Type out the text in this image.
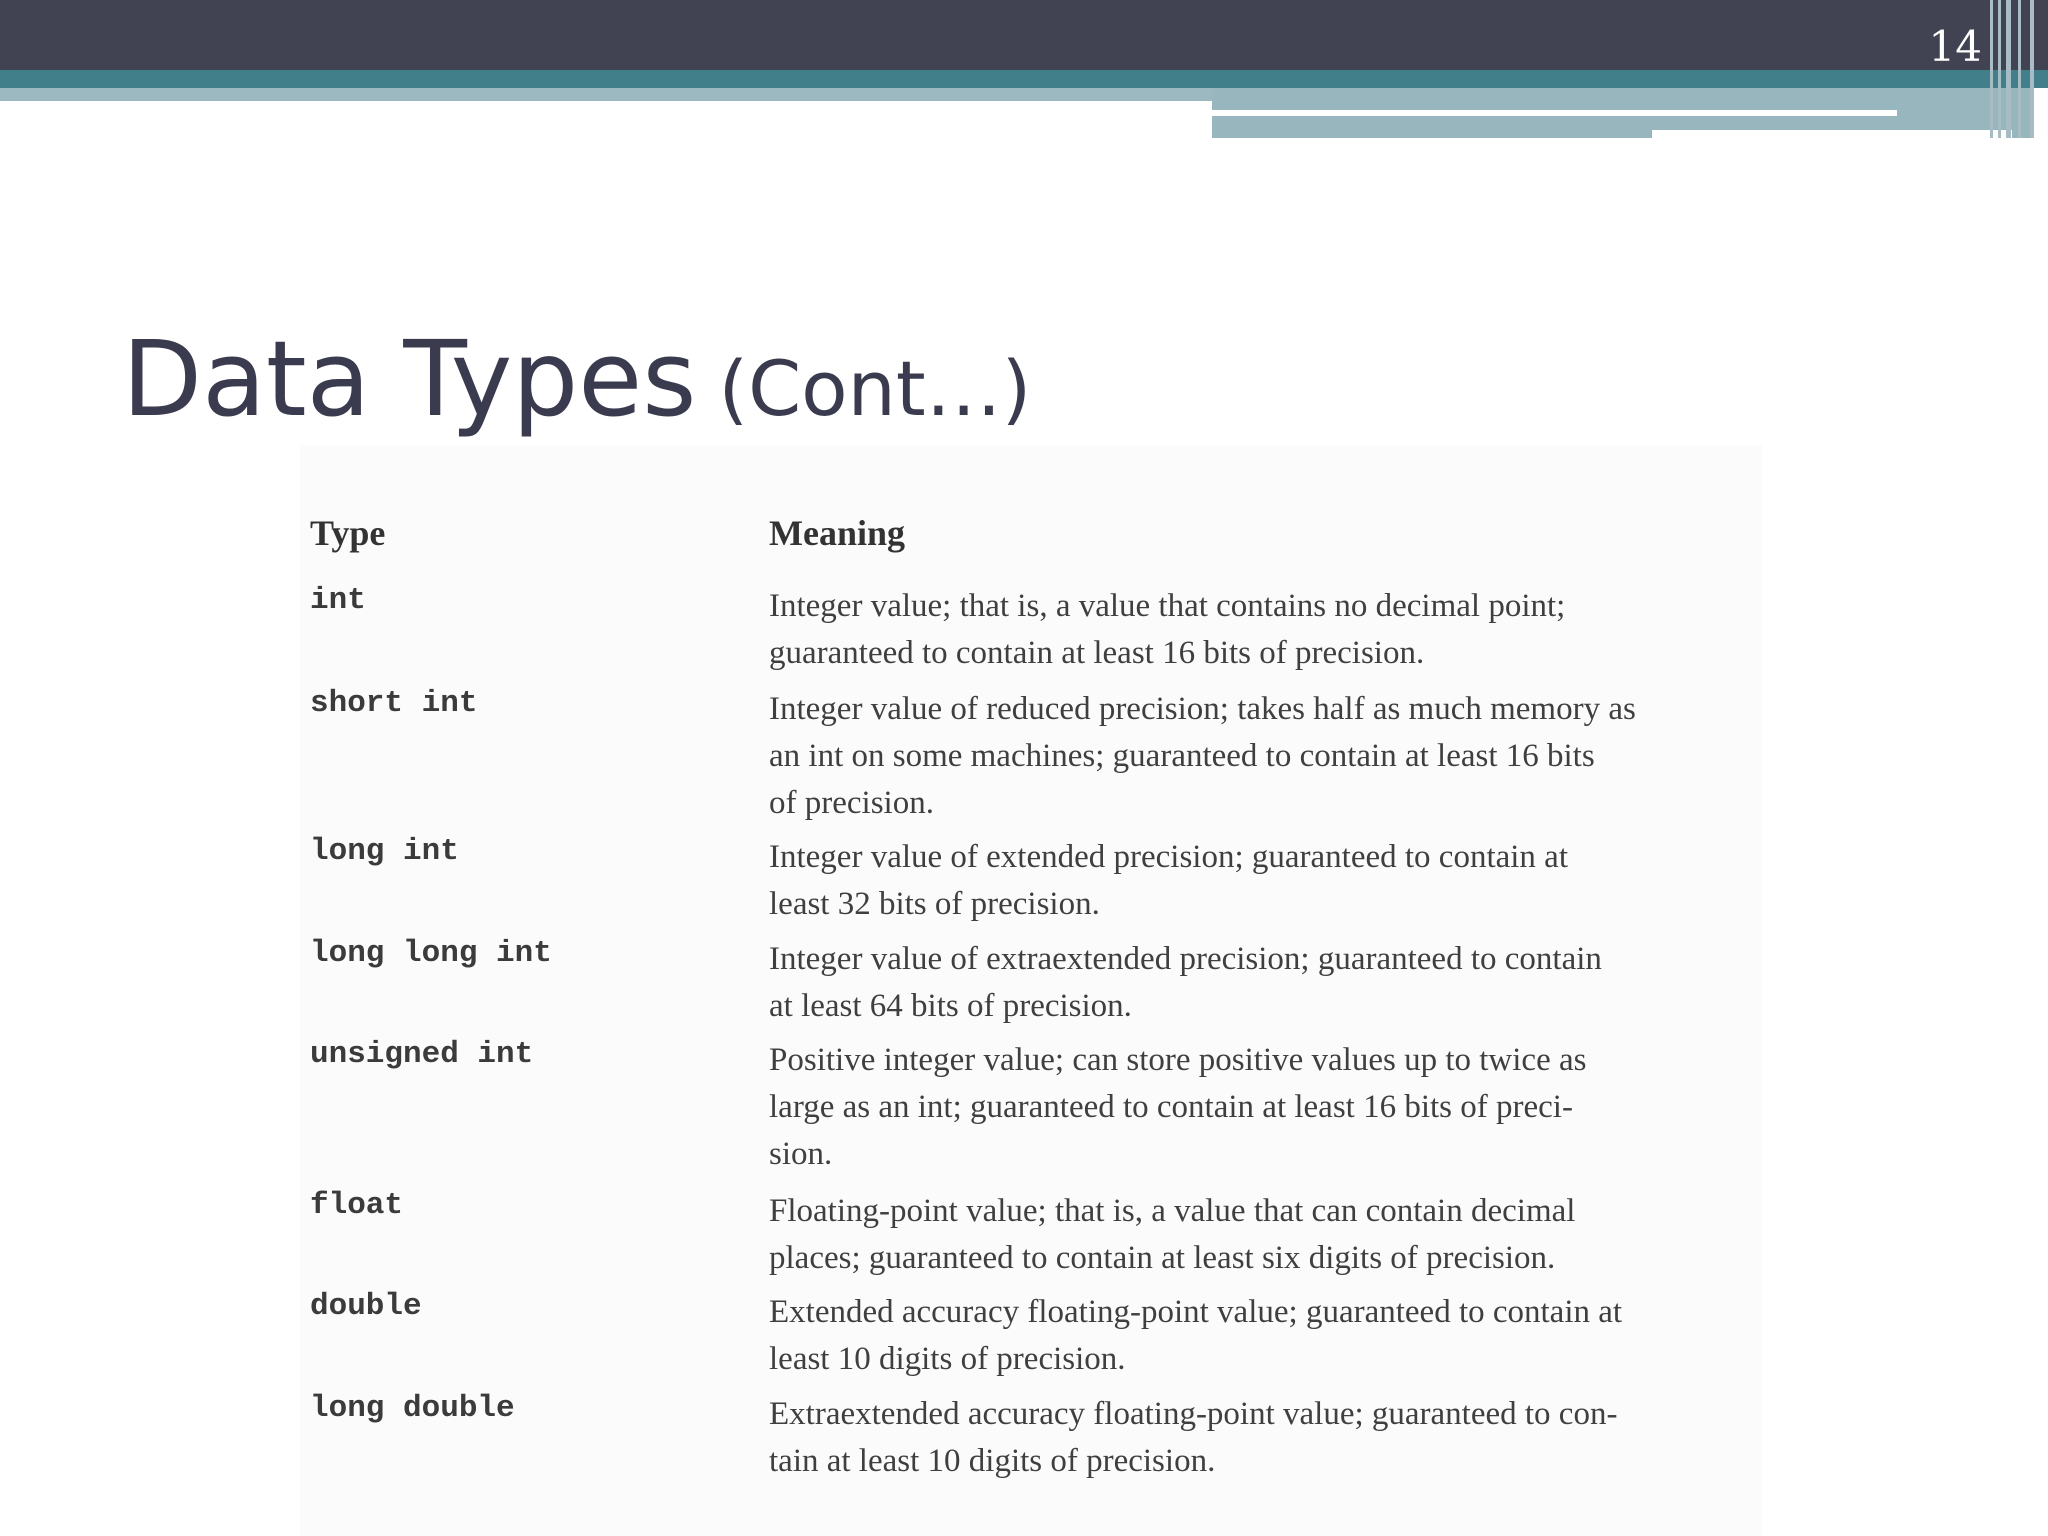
14
Data Types (Cont…)
Type	Meaning
int	Integer value; that is, a value that contains no decimal point;
guaranteed to contain at least 16 bits of precision.
short int	Integer value of reduced precision; takes half as much memory as
an int on some machines; guaranteed to contain at least 16 bits
of precision.
long int	Integer value of extended precision; guaranteed to contain at
least 32 bits of precision.
long long int	Integer value of extraextended precision; guaranteed to contain
at least 64 bits of precision.
unsigned int	Positive integer value; can store positive values up to twice as
large as an int; guaranteed to contain at least 16 bits of preci-
sion.
float	Floating-point value; that is, a value that can contain decimal
places; guaranteed to contain at least six digits of precision.
double	Extended accuracy floating-point value; guaranteed to contain at
least 10 digits of precision.
long double	Extraextended accuracy floating-point value; guaranteed to con-
tain at least 10 digits of precision.
